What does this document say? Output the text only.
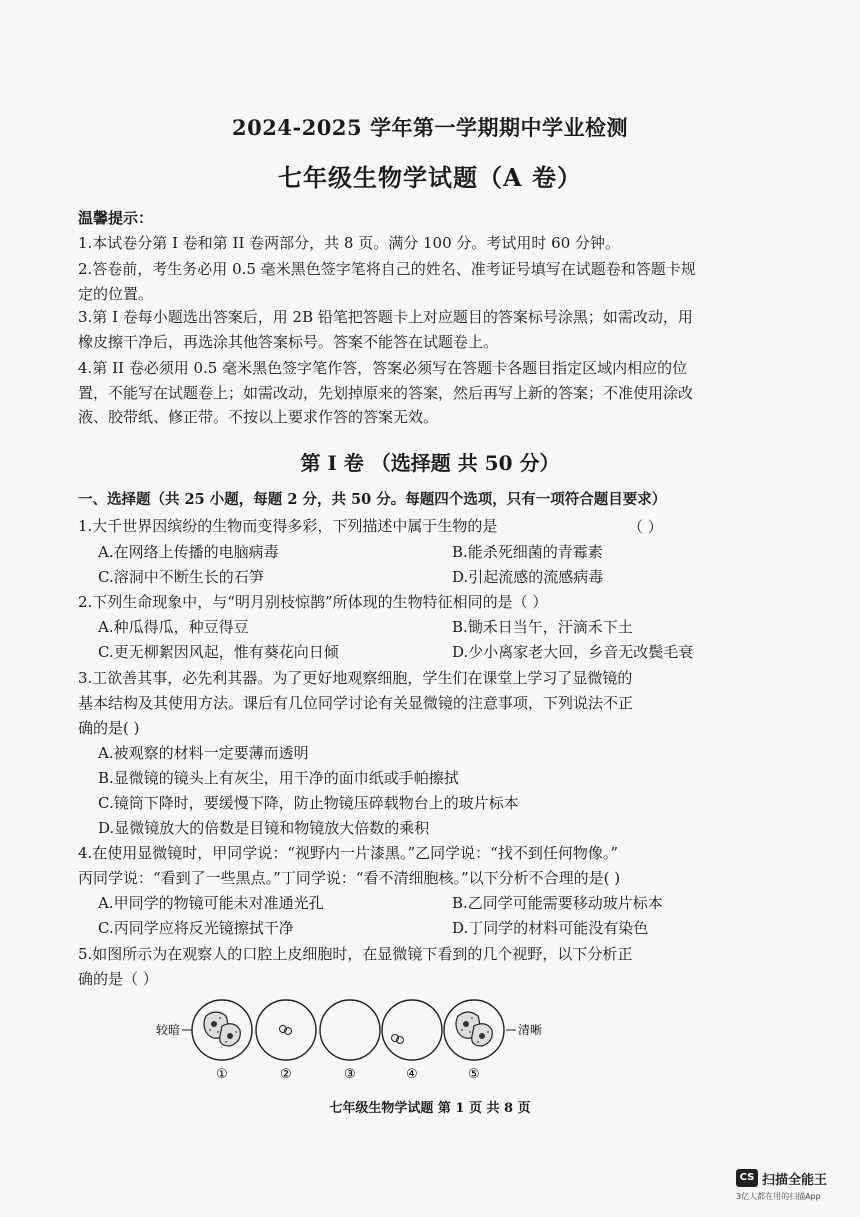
2024-2025 学年第一学期期中学业检测
七年级生物学试题（A 卷）
温馨提示：
1.本试卷分第 I 卷和第 II 卷两部分，共 8 页。满分 100 分。考试用时 60 分钟。
2.答卷前，考生务必用 0.5 毫米黑色签字笔将自己的姓名、准考证号填写在试题卷和答题卡规
定的位置。
3.第 I 卷每小题选出答案后，用 2B 铅笔把答题卡上对应题目的答案标号涂黑；如需改动，用
橡皮擦干净后，再选涂其他答案标号。答案不能答在试题卷上。
4.第 II 卷必须用 0.5 毫米黑色签字笔作答，答案必须写在答题卡各题目指定区域内相应的位
置，不能写在试题卷上；如需改动，先划掉原来的答案，然后再写上新的答案；不准使用涂改
液、胶带纸、修正带。不按以上要求作答的答案无效。
第 I 卷 （选择题 共 50 分）
一、选择题（共 25 小题，每题 2 分，共 50 分。每题四个选项，只有一项符合题目要求）
1.大千世界因缤纷的生物而变得多彩，下列描述中属于生物的是	（ ）
A.在网络上传播的电脑病毒	B.能杀死细菌的青霉素
C.溶洞中不断生长的石笋	D.引起流感的流感病毒
2.下列生命现象中，与“明月别枝惊鹊”所体现的生物特征相同的是（ ）
A.种瓜得瓜，种豆得豆	B.锄禾日当午，汗滴禾下土
C.更无柳絮因风起，惟有葵花向日倾	D.少小离家老大回，乡音无改鬓毛衰
3.工欲善其事，必先利其器。为了更好地观察细胞，学生们在课堂上学习了显微镜的
基本结构及其使用方法。课后有几位同学讨论有关显微镜的注意事项，下列说法不正
确的是( )
A.被观察的材料一定要薄而透明
B.显微镜的镜头上有灰尘，用干净的面巾纸或手帕擦拭
C.镜筒下降时，要缓慢下降，防止物镜压碎载物台上的玻片标本
D.显微镜放大的倍数是目镜和物镜放大倍数的乘积
4.在使用显微镜时，甲同学说：“视野内一片漆黑。”乙同学说：“找不到任何物像。”
丙同学说：“看到了一些黑点。”丁同学说：“看不清细胞核。”以下分析不合理的是( )
A.甲同学的物镜可能未对准通光孔	B.乙同学可能需要移动玻片标本
C.丙同学应将反光镜擦拭干净	D.丁同学的材料可能没有染色
5.如图所示为在观察人的口腔上皮细胞时，在显微镜下看到的几个视野，以下分析正
确的是（ ）
较暗	清晰
①	②	③	④	⑤
七年级生物学试题 第 1 页 共 8 页
CS 扫描全能王
3亿人都在用的扫描App
